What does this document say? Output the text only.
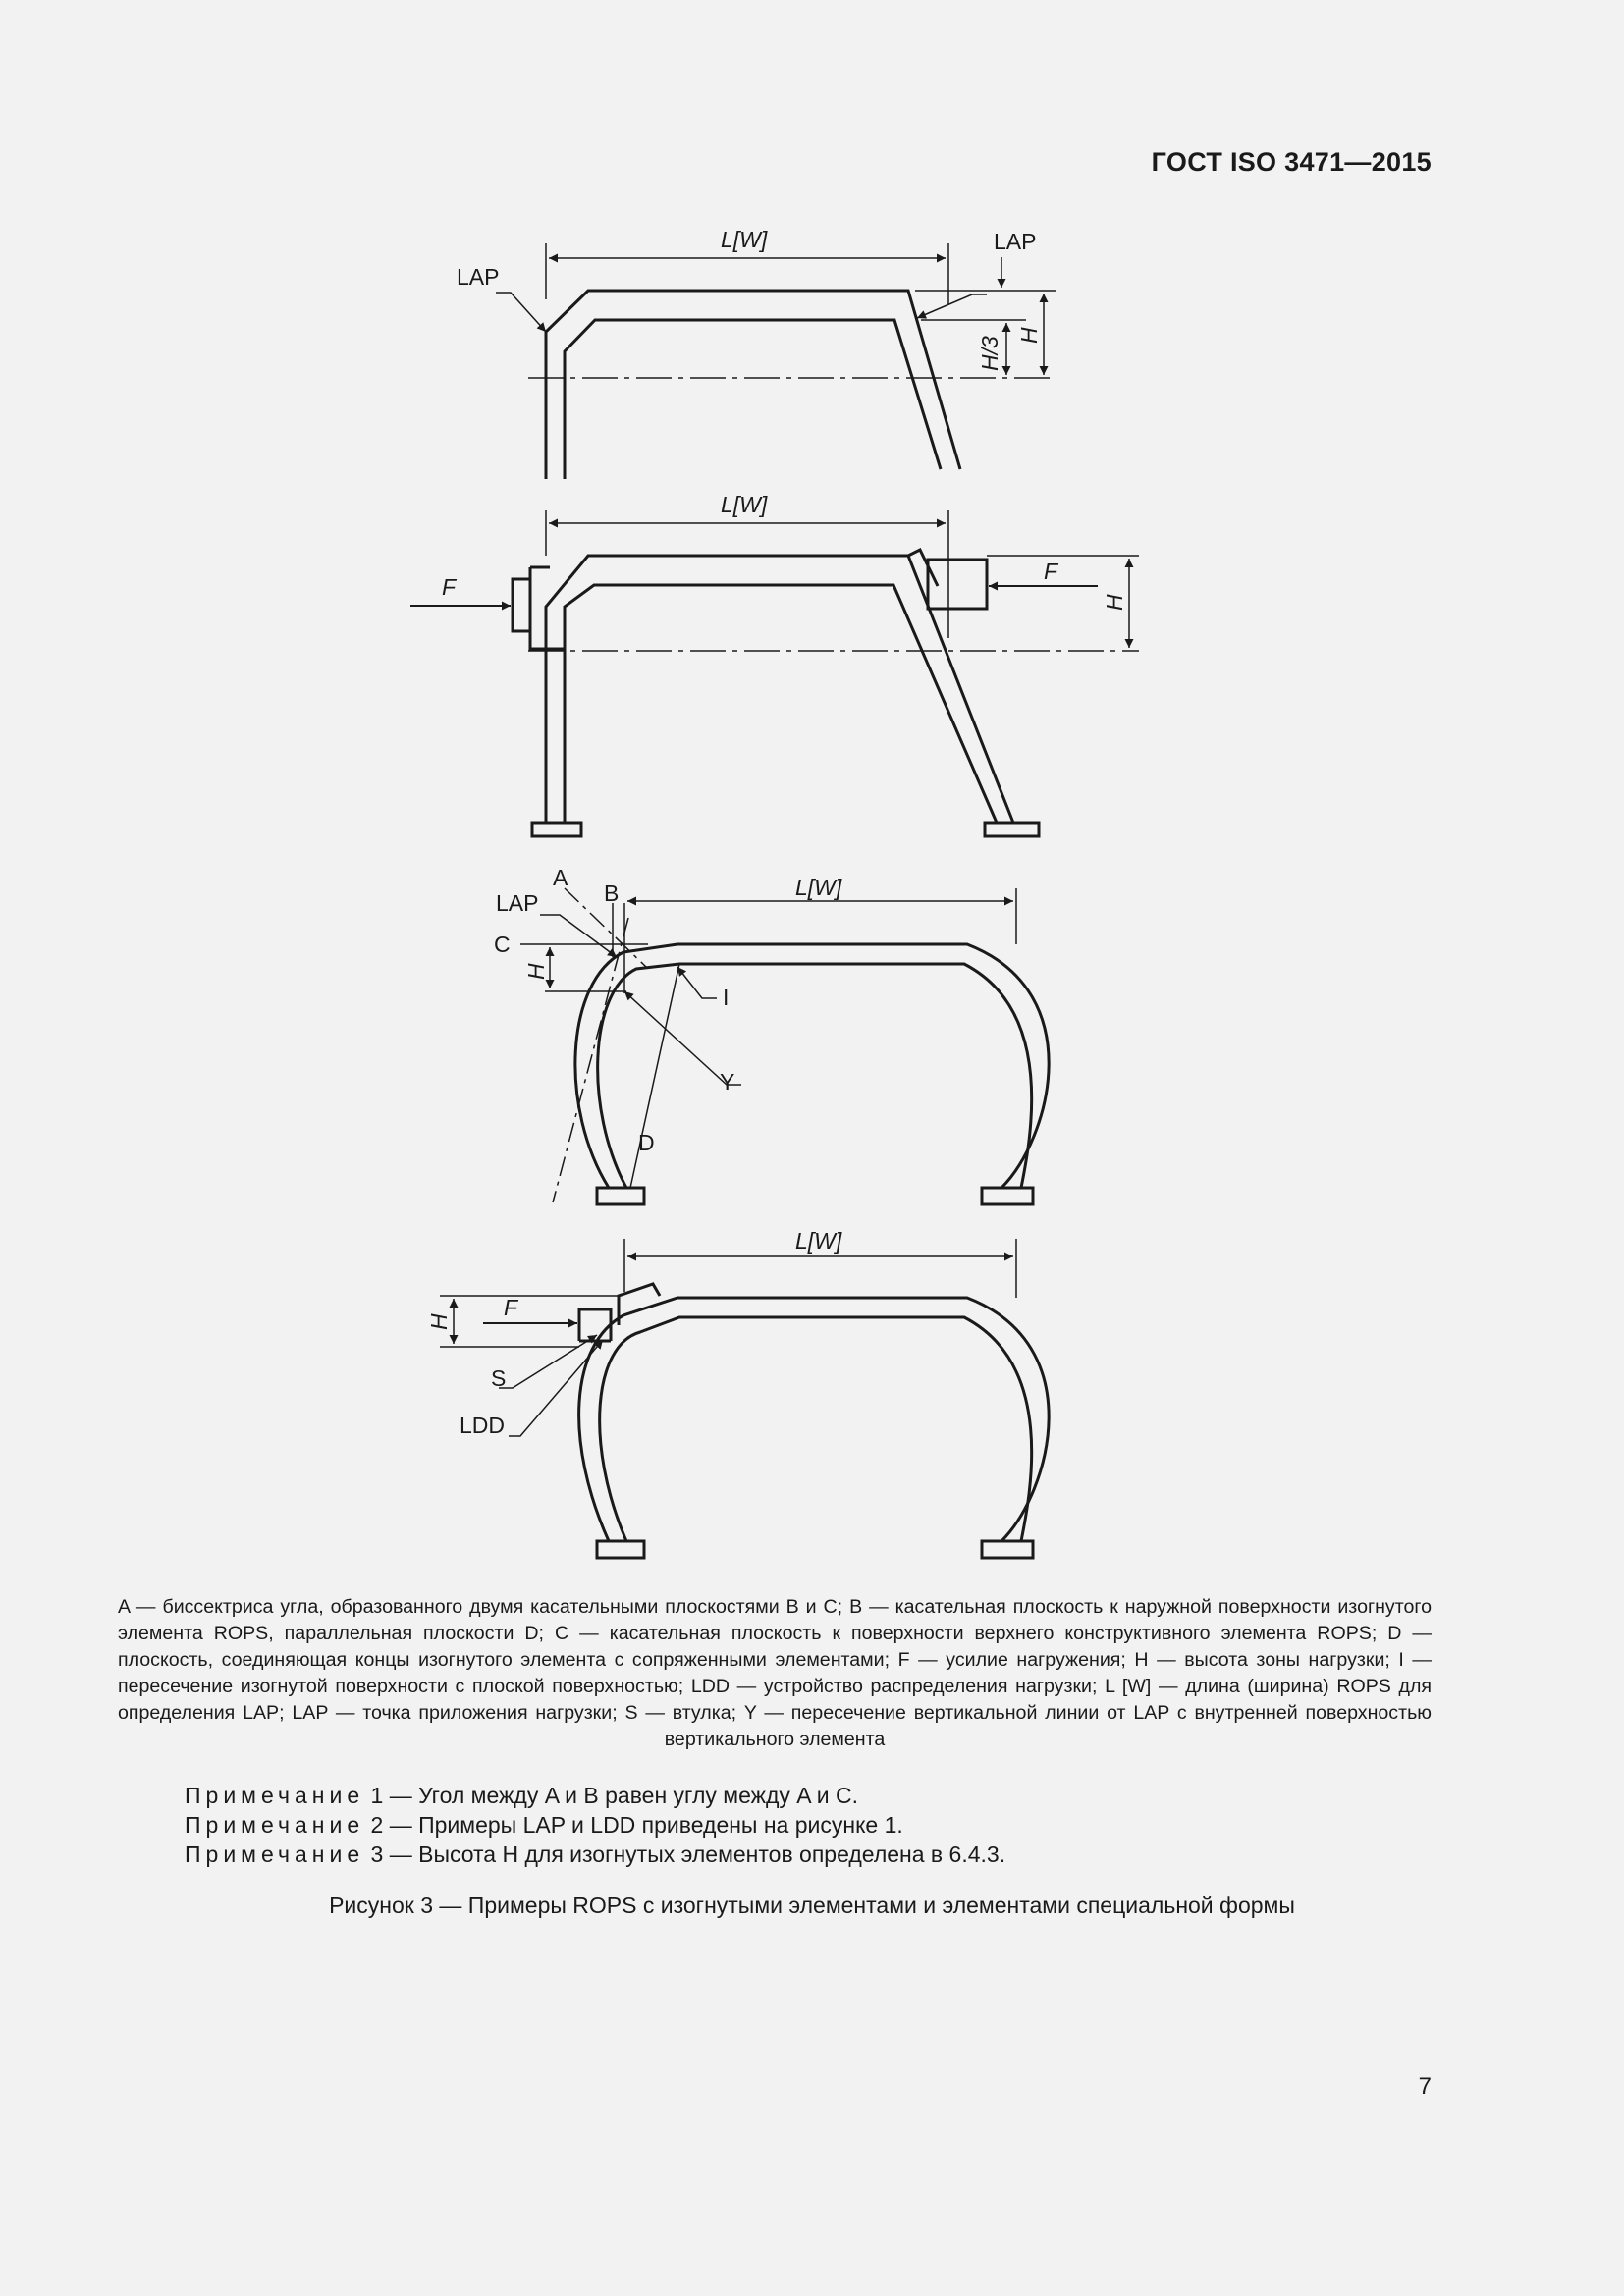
ГОСТ ISO 3471—2015
L[W]
LAP
LAP
H/3
H
L[W]
F
F
H
L[W]
A
B
LAP
C
H
I
Y
D
L[W]
H
F
S
LDD
A — биссектриса угла, образованного двумя касательными плоскостями B и C; B — касательная плоскость к наружной поверхности изогнутого элемента ROPS, параллельная плоскости D; C — касательная плоскость к поверхности верхнего конструктивного элемента ROPS; D — плоскость, соединяющая концы изогнутого элемента с сопряженными элементами; F — усилие нагружения; H — высота зоны нагрузки; I — пересечение изогнутой поверхности с плоской поверхностью; LDD — устройство распределения нагрузки; L [W] — длина (ширина) ROPS для определения LAP; LAP — точка приложения нагрузки; S — втулка; Y — пересечение вертикальной линии от LAP с внутренней поверхностью вертикального элемента
Примечание 1 — Угол между A и B равен углу между A и C.
Примечание 2 — Примеры LAP и LDD приведены на рисунке 1.
Примечание 3 — Высота H для изогнутых элементов определена в 6.4.3.
Рисунок 3 — Примеры ROPS с изогнутыми элементами и элементами специальной формы
7
